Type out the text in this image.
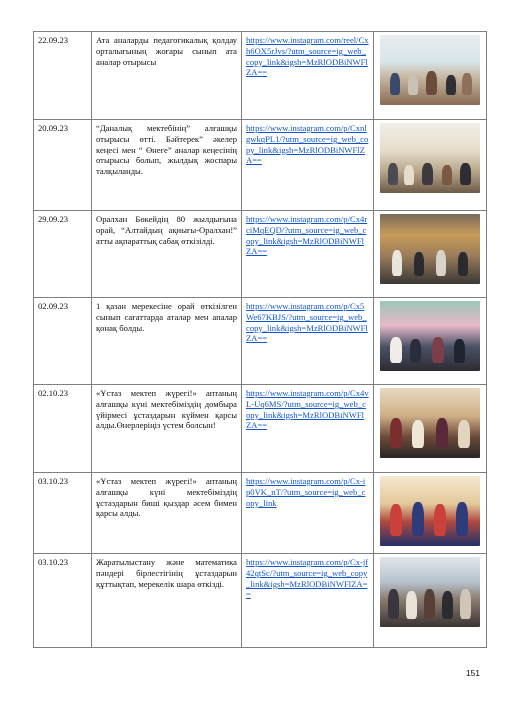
22.09.23	Ата аналарды педагогикалық қолдау орталығының жоғары сынып ата аналар отырысы	https://www.instagram.com/reel/Cxh6OX5rJvs/?utm_source=ig_web_copy_link&igsh=MzRlODBiNWFlZA==	

20.09.23	“Даналық мектебінің” алғашқы отырысы өтті. Бәйтерек” әкелер кеңесі мен “ Өнеге” аналар кеңесінің отырысы болып, жылдық жоспары талқыланды.	https://www.instagram.com/p/CxnlgwkqPL1/?utm_source=ig_web_copy_link&igsh=MzRlODBiNWFlZA==	

29.09.23	Оралхан Бөкейдің 80 жылдығына орай, “Алтайдың ақиығы-Оралхан!” атты ақпараттық сабақ өткізілді.	https://www.instagram.com/p/Cx4rciMqEQD/?utm_source=ig_web_copy_link&igsh=MzRlODBiNWFlZA==	

02.09.23	1 қазан мерекесіне орай өткізілген сынып сағаттарда аталар мен апалар қонақ болды.	https://www.instagram.com/p/Cx5We67KBJS/?utm_source=ig_web_copy_link&igsh=MzRlODBiNWFlZA==	

02.10.23	«Ұстаз мектеп жүрегі!» аптаның алғашқы күні мектебіміздің домбыра үйірмесі ұстаздарын күймен қарсы алды.Өнерлеріңіз үстем болсын!	https://www.instagram.com/p/Cx4vL-Uq6MS/?utm_source=ig_web_copy_link&igsh=MzRlODBiNWFlZA==	

03.10.23	«Ұстаз мектеп жүрегі!» аптаның алғашқы күні мектебіміздің ұстаздарын биші қыздар әсем бимен қарсы алды.	https://www.instagram.com/p/Cx-ip0VK_nT/?utm_source=ig_web_copy_link	

03.10.23	Жаратылыстану және математика пәндері бірлестігінің ұстаздарын құттықтап, мерекелік шара өткізді.	https://www.instagram.com/p/Cx-jf42qtSc/?utm_source=ig_web_copy_link&igsh=MzRlODBiNWFlZA==	
151
